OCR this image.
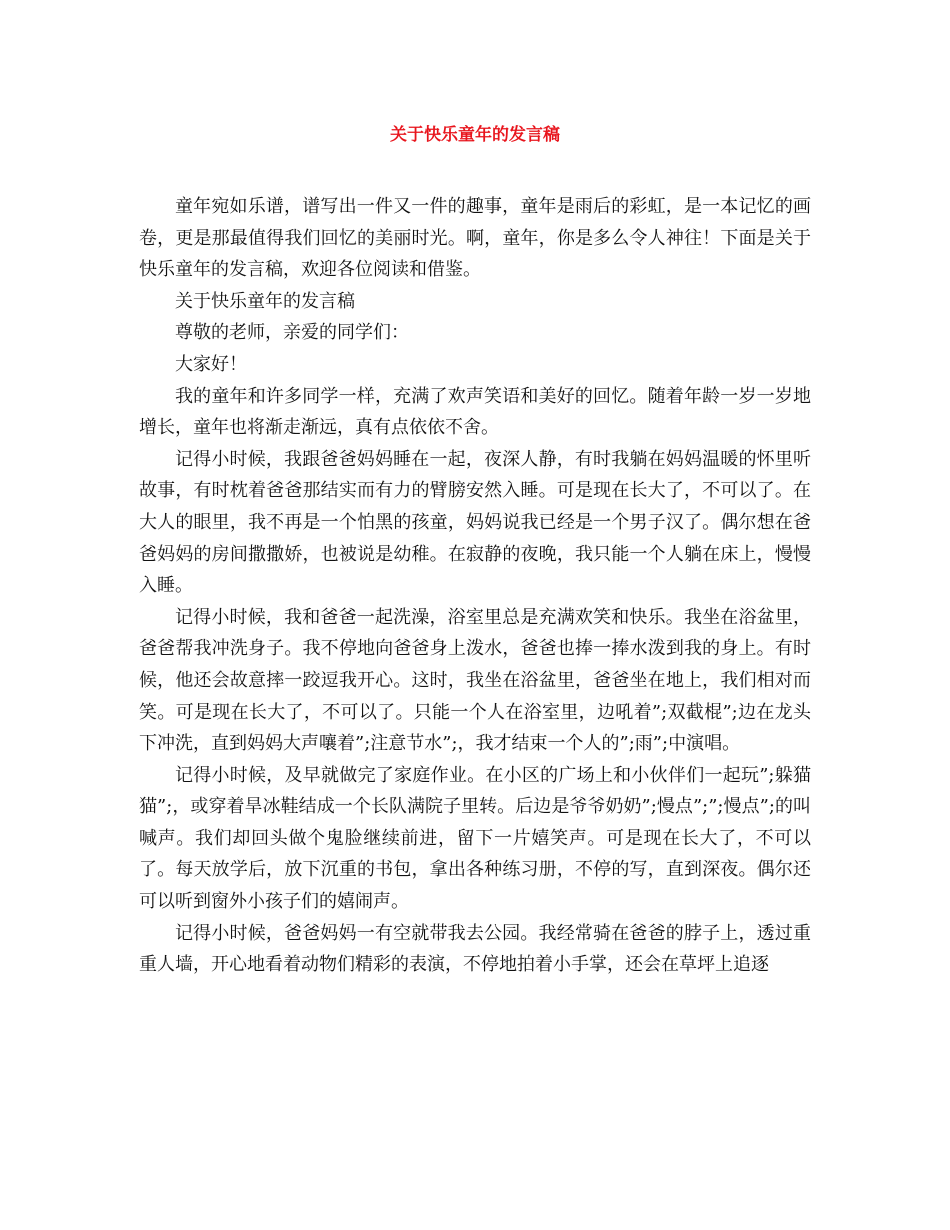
关于快乐童年的发言稿

童年宛如乐谱，谱写出一件又一件的趣事，童年是雨后的彩虹，是一本记忆的画卷，更是那最值得我们回忆的美丽时光。啊，童年，你是多么令人神往！下面是关于快乐童年的发言稿，欢迎各位阅读和借鉴。

关于快乐童年的发言稿

尊敬的老师，亲爱的同学们：

大家好！

我的童年和许多同学一样，充满了欢声笑语和美好的回忆。随着年龄一岁一岁地增长，童年也将渐走渐远，真有点依依不舍。

记得小时候，我跟爸爸妈妈睡在一起，夜深人静，有时我躺在妈妈温暖的怀里听故事，有时枕着爸爸那结实而有力的臂膀安然入睡。可是现在长大了，不可以了。在大人的眼里，我不再是一个怕黑的孩童，妈妈说我已经是一个男子汉了。偶尔想在爸爸妈妈的房间撒撒娇，也被说是幼稚。在寂静的夜晚，我只能一个人躺在床上，慢慢入睡。

记得小时候，我和爸爸一起洗澡，浴室里总是充满欢笑和快乐。我坐在浴盆里，爸爸帮我冲洗身子。我不停地向爸爸身上泼水，爸爸也捧一捧水泼到我的身上。有时候，他还会故意摔一跤逗我开心。这时，我坐在浴盆里，爸爸坐在地上，我们相对而笑。可是现在长大了，不可以了。只能一个人在浴室里，边吼着”;双截棍”;边在龙头下冲洗，直到妈妈大声嚷着”;注意节水”;，我才结束一个人的”;雨”;中演唱。

记得小时候，及早就做完了家庭作业。在小区的广场上和小伙伴们一起玩”;躲猫猫”;，或穿着旱冰鞋结成一个长队满院子里转。后边是爷爷奶奶”;慢点”;”;慢点”;的叫喊声。我们却回头做个鬼脸继续前进，留下一片嬉笑声。可是现在长大了，不可以了。每天放学后，放下沉重的书包，拿出各种练习册，不停的写，直到深夜。偶尔还可以听到窗外小孩子们的嬉闹声。

记得小时候，爸爸妈妈一有空就带我去公园。我经常骑在爸爸的脖子上，透过重重人墙，开心地看着动物们精彩的表演，不停地拍着小手掌，还会在草坪上追逐
